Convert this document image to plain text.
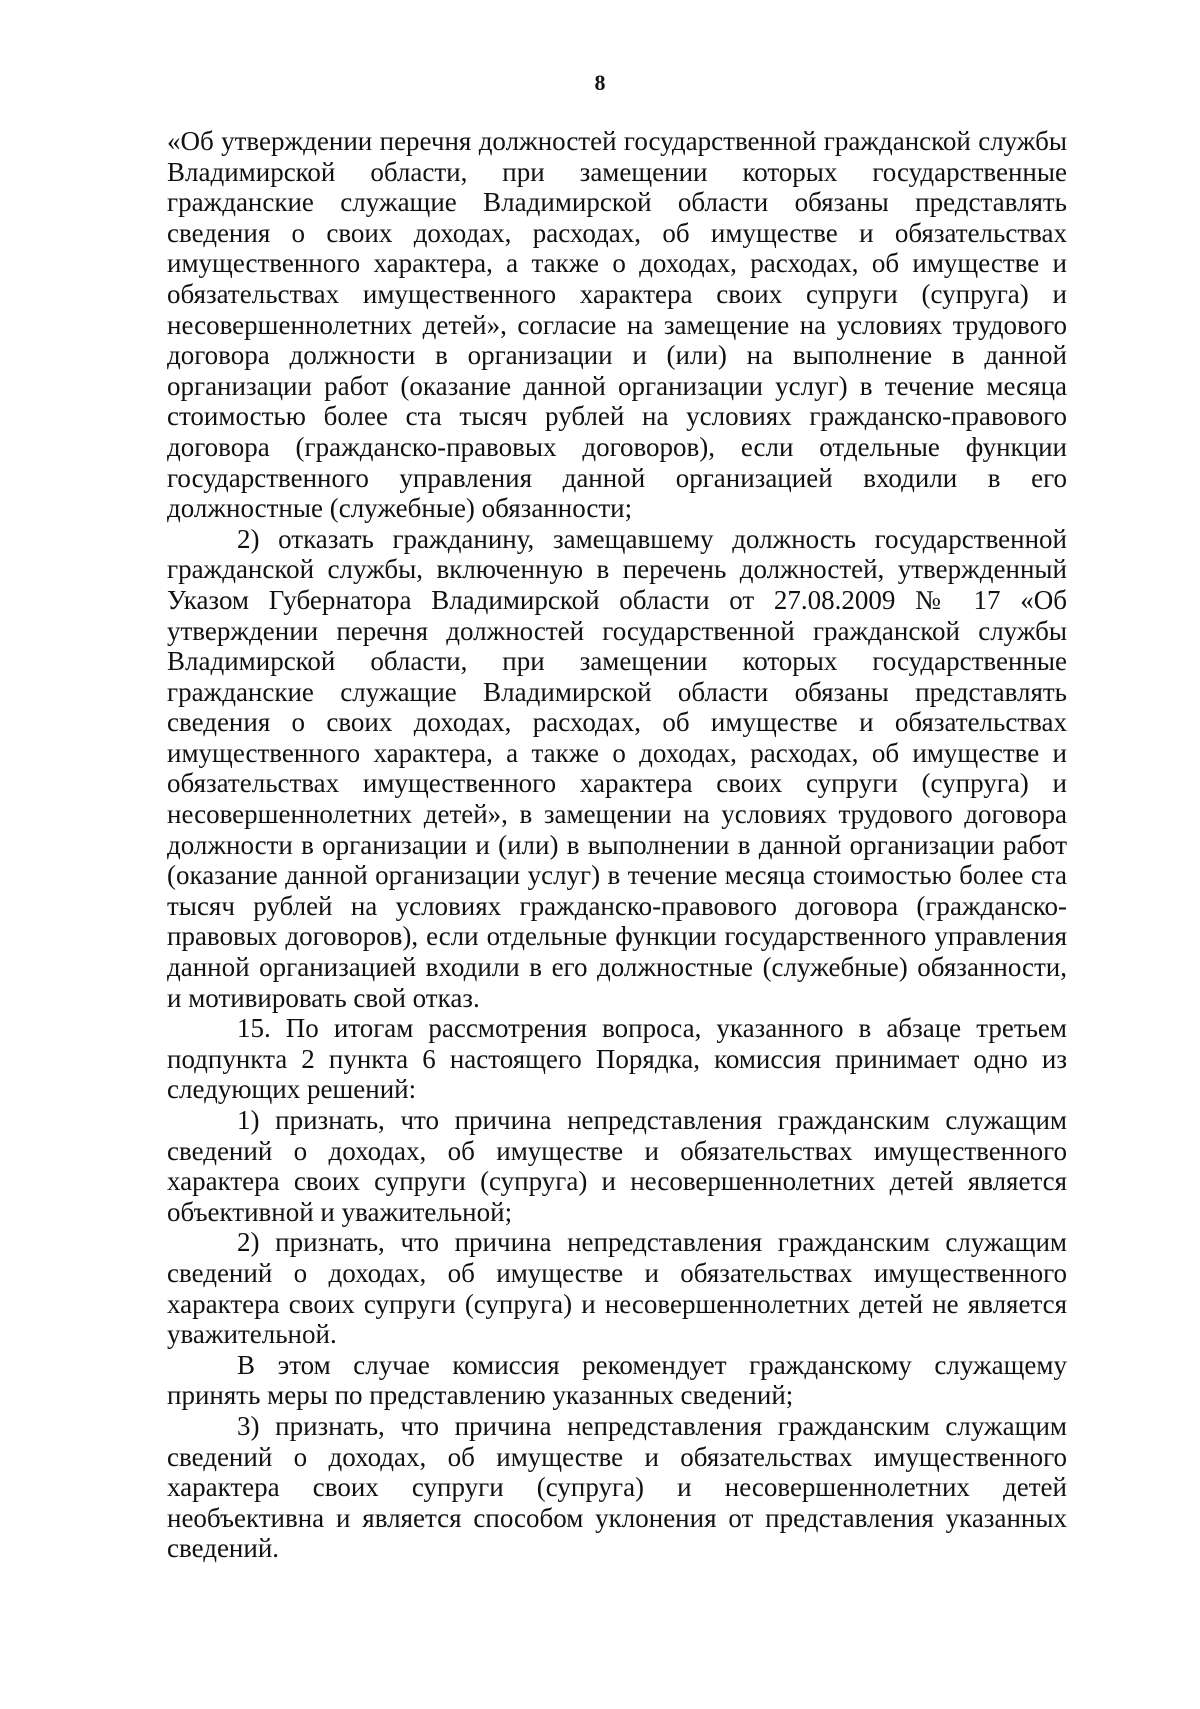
8

«Об утверждении перечня должностей государственной гражданской службы Владимирской области, при замещении которых государственные гражданские служащие Владимирской области обязаны представлять сведения о своих доходах, расходах, об имуществе и обязательствах имущественного характера, а также о доходах, расходах, об имуществе и обязательствах имущественного характера своих супруги (супруга) и несовершеннолетних детей», согласие на замещение на условиях трудового договора должности в организации и (или) на выполнение в данной организации работ (оказание данной организации услуг) в течение месяца стоимостью более ста тысяч рублей на условиях гражданско-правового договора (гражданско-правовых договоров), если отдельные функции государственного управления данной организацией входили в его должностные (служебные) обязанности;

2) отказать гражданину, замещавшему должность государственной гражданской службы, включенную в перечень должностей, утвержденный Указом Губернатора Владимирской области от 27.08.2009 № 17 «Об утверждении перечня должностей государственной гражданской службы Владимирской области, при замещении которых государственные гражданские служащие Владимирской области обязаны представлять сведения о своих доходах, расходах, об имуществе и обязательствах имущественного характера, а также о доходах, расходах, об имуществе и обязательствах имущественного характера своих супруги (супруга) и несовершеннолетних детей», в замещении на условиях трудового договора должности в организации и (или) в выполнении в данной организации работ (оказание данной организации услуг) в течение месяца стоимостью более ста тысяч рублей на условиях гражданско-правового договора (гражданско-правовых договоров), если отдельные функции государственного управления данной организацией входили в его должностные (служебные) обязанности, и мотивировать свой отказ.

15. По итогам рассмотрения вопроса, указанного в абзаце третьем подпункта 2 пункта 6 настоящего Порядка, комиссия принимает одно из следующих решений:

1) признать, что причина непредставления гражданским служащим сведений о доходах, об имуществе и обязательствах имущественного характера своих супруги (супруга) и несовершеннолетних детей является объективной и уважительной;

2) признать, что причина непредставления гражданским служащим сведений о доходах, об имуществе и обязательствах имущественного характера своих супруги (супруга) и несовершеннолетних детей не является уважительной.

В этом случае комиссия рекомендует гражданскому служащему принять меры по представлению указанных сведений;

3) признать, что причина непредставления гражданским служащим сведений о доходах, об имуществе и обязательствах имущественного характера своих супруги (супруга) и несовершеннолетних детей необъективна и является способом уклонения от представления указанных сведений.
